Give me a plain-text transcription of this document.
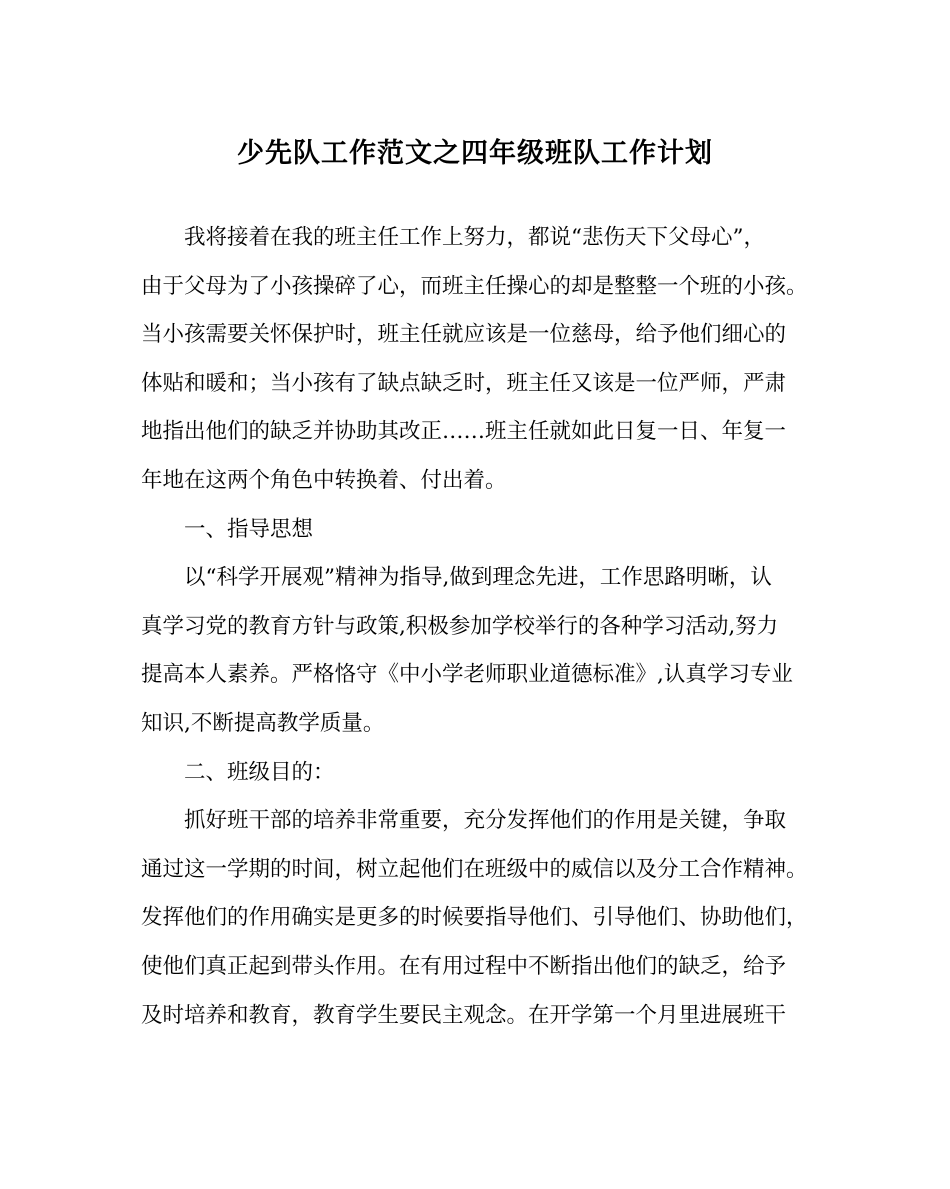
少先队工作范文之四年级班队工作计划
我将接着在我的班主任工作上努力，都说“悲伤天下父母心”，
由于父母为了小孩操碎了心，而班主任操心的却是整整一个班的小孩。
当小孩需要关怀保护时，班主任就应该是一位慈母，给予他们细心的
体贴和暖和；当小孩有了缺点缺乏时，班主任又该是一位严师，严肃
地指出他们的缺乏并协助其改正……班主任就如此日复一日、年复一
年地在这两个角色中转换着、付出着。
一、指导思想
以“科学开展观”精神为指导,做到理念先进，工作思路明晰，认
真学习党的教育方针与政策,积极参加学校举行的各种学习活动,努力
提高本人素养。严格恪守《中小学老师职业道德标准》,认真学习专业
知识,不断提高教学质量。
二、班级目的：
抓好班干部的培养非常重要，充分发挥他们的作用是关键，争取
通过这一学期的时间，树立起他们在班级中的威信以及分工合作精神。
发挥他们的作用确实是更多的时候要指导他们、引导他们、协助他们，
使他们真正起到带头作用。在有用过程中不断指出他们的缺乏，给予
及时培养和教育，教育学生要民主观念。在开学第一个月里进展班干
